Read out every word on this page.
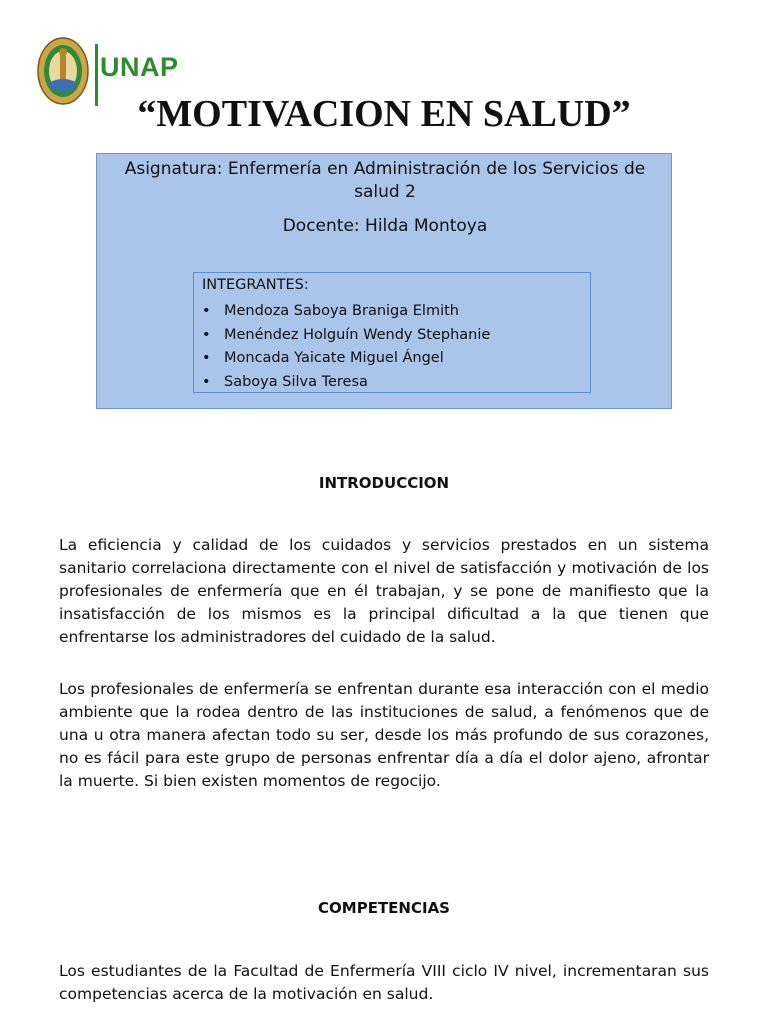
UNAP
“MOTIVACION EN SALUD”
Asignatura: Enfermería en Administración de los Servicios de
salud 2
Docente: Hilda Montoya
INTEGRANTES:
• Mendoza Saboya Braniga Elmith
• Menéndez Holguín Wendy Stephanie
• Moncada Yaicate Miguel Ángel
• Saboya Silva Teresa
INTRODUCCION

La eficiencia y calidad de los cuidados y servicios prestados en un sistema sanitario correlaciona directamente con el nivel de satisfacción y motivación de los profesionales de enfermería que en él trabajan, y se pone de manifiesto que la insatisfacción de los mismos es la principal dificultad a la que tienen que enfrentarse los administradores del cuidado de la salud.

Los profesionales de enfermería se enfrentan durante esa interacción con el medio ambiente que la rodea dentro de las instituciones de salud, a fenómenos que de una u otra manera afectan todo su ser, desde los más profundo de sus corazones, no es fácil para este grupo de personas enfrentar día a día el dolor ajeno, afrontar la muerte. Si bien existen momentos de regocijo.

COMPETENCIAS

Los estudiantes de la Facultad de Enfermería VIII ciclo IV nivel, incrementaran sus competencias acerca de la motivación en salud.
